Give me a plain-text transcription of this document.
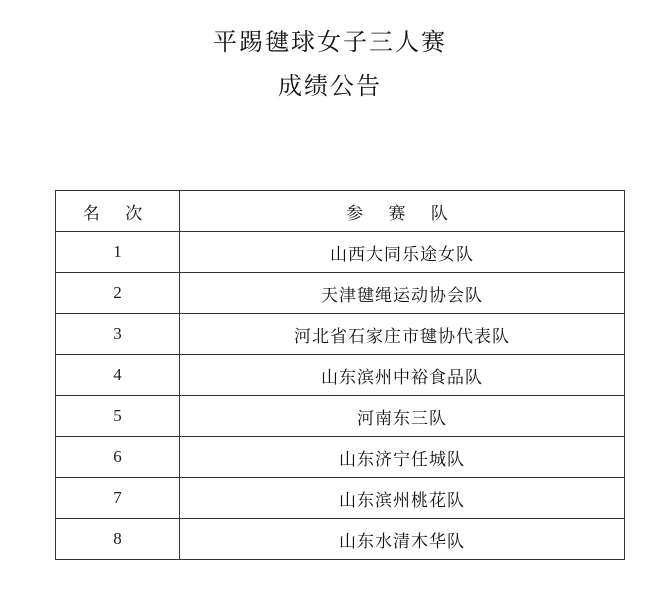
平踢毽球女子三人赛
成绩公告
名 次	参 赛 队
1	山西大同乐途女队
2	天津毽绳运动协会队
3	河北省石家庄市毽协代表队
4	山东滨州中裕食品队
5	河南东三队
6	山东济宁任城队
7	山东滨州桃花队
8	山东水清木华队
